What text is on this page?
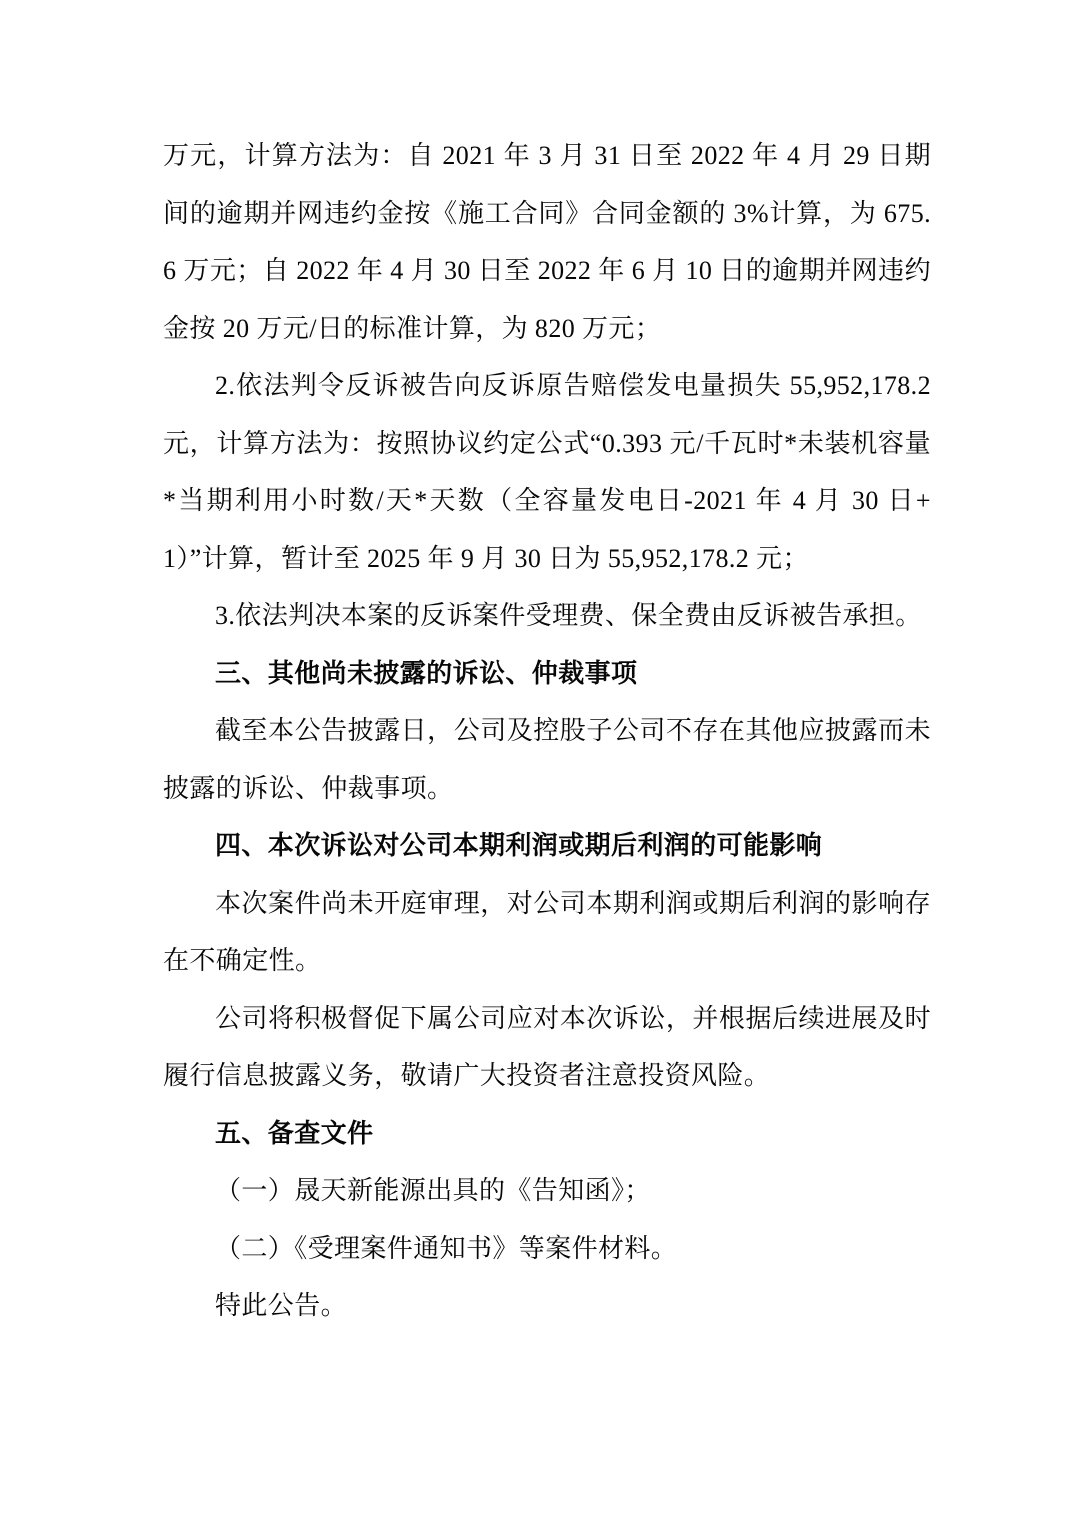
万元，计算方法为：自 2021 年 3 月 31 日至 2022 年 4 月 29 日期间的逾期并网违约金按《施工合同》合同金额的 3%计算，为 675.6 万元；自 2022 年 4 月 30 日至 2022 年 6 月 10 日的逾期并网违约金按 20 万元/日的标准计算，为 820 万元；

2.依法判令反诉被告向反诉原告赔偿发电量损失 55,952,178.2 元，计算方法为：按照协议约定公式“0.393 元/千瓦时*未装机容量*当期利用小时数/天*天数（全容量发电日-2021 年 4 月 30 日+1）”计算，暂计至 2025 年 9 月 30 日为 55,952,178.2 元；

3.依法判决本案的反诉案件受理费、保全费由反诉被告承担。

三、其他尚未披露的诉讼、仲裁事项

截至本公告披露日，公司及控股子公司不存在其他应披露而未披露的诉讼、仲裁事项。

四、本次诉讼对公司本期利润或期后利润的可能影响

本次案件尚未开庭审理，对公司本期利润或期后利润的影响存在不确定性。

公司将积极督促下属公司应对本次诉讼，并根据后续进展及时履行信息披露义务，敬请广大投资者注意投资风险。

五、备查文件

（一）晟天新能源出具的《告知函》；

（二）《受理案件通知书》等案件材料。

特此公告。
